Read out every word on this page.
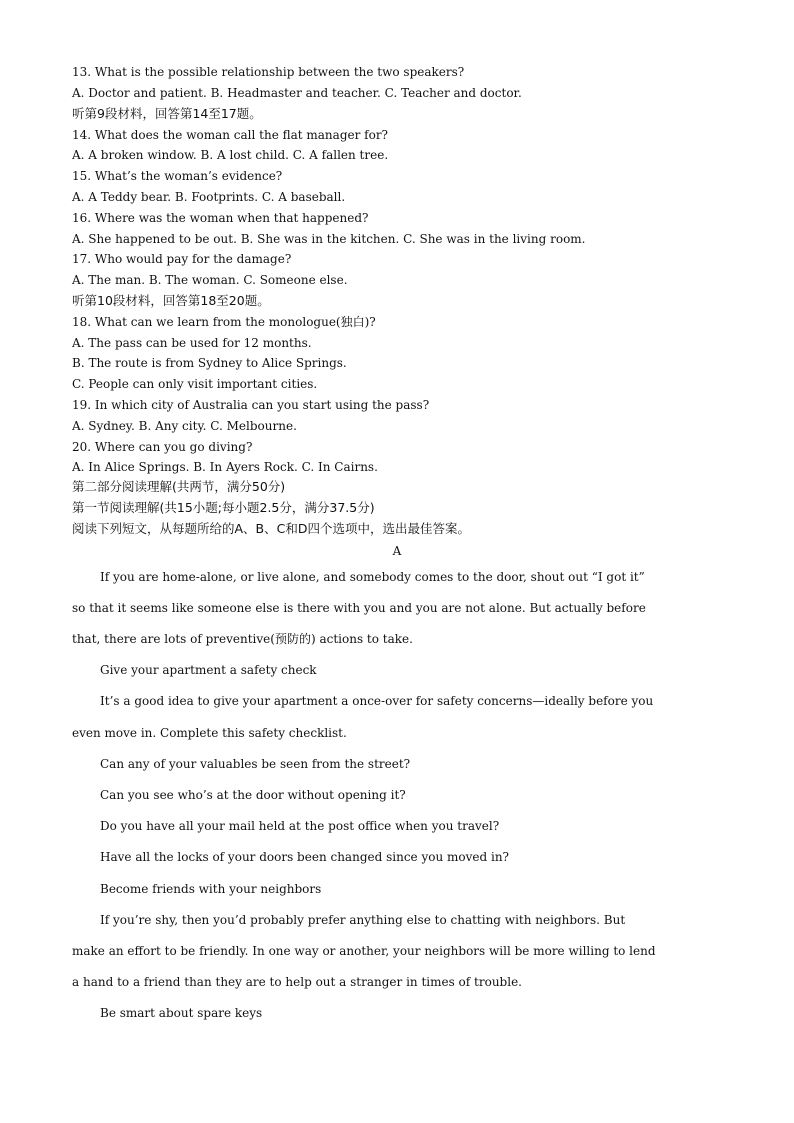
13. What is the possible relationship between the two speakers?
A. Doctor and patient. B. Headmaster and teacher. C. Teacher and doctor.
听第9段材料，回答第14至17题。
14. What does the woman call the flat manager for?
A. A broken window. B. A lost child. C. A fallen tree.
15. What’s the woman’s evidence?
A. A Teddy bear. B. Footprints. C. A baseball.
16. Where was the woman when that happened?
A. She happened to be out. B. She was in the kitchen. C. She was in the living room.
17. Who would pay for the damage?
A. The man. B. The woman. C. Someone else.
听第10段材料，回答第18至20题。
18. What can we learn from the monologue(独白)?
A. The pass can be used for 12 months.
B. The route is from Sydney to Alice Springs.
C. People can only visit important cities.
19. In which city of Australia can you start using the pass?
A. Sydney. B. Any city. C. Melbourne.
20. Where can you go diving?
A. In Alice Springs. B. In Ayers Rock. C. In Cairns.
第二部分阅读理解(共两节，满分50分)
第一节阅读理解(共15小题;每小题2.5分，满分37.5分)
阅读下列短文，从每题所给的A、B、C和D四个选项中，选出最佳答案。
A
If you are home-alone, or live alone, and somebody comes to the door, shout out “I got it”
so that it seems like someone else is there with you and you are not alone. But actually before
that, there are lots of preventive(预防的) actions to take.
Give your apartment a safety check
It’s a good idea to give your apartment a once-over for safety concerns—ideally before you
even move in. Complete this safety checklist.
Can any of your valuables be seen from the street?
Can you see who’s at the door without opening it?
Do you have all your mail held at the post office when you travel?
Have all the locks of your doors been changed since you moved in?
Become friends with your neighbors
If you’re shy, then you’d probably prefer anything else to chatting with neighbors. But
make an effort to be friendly. In one way or another, your neighbors will be more willing to lend
a hand to a friend than they are to help out a stranger in times of trouble.
Be smart about spare keys
